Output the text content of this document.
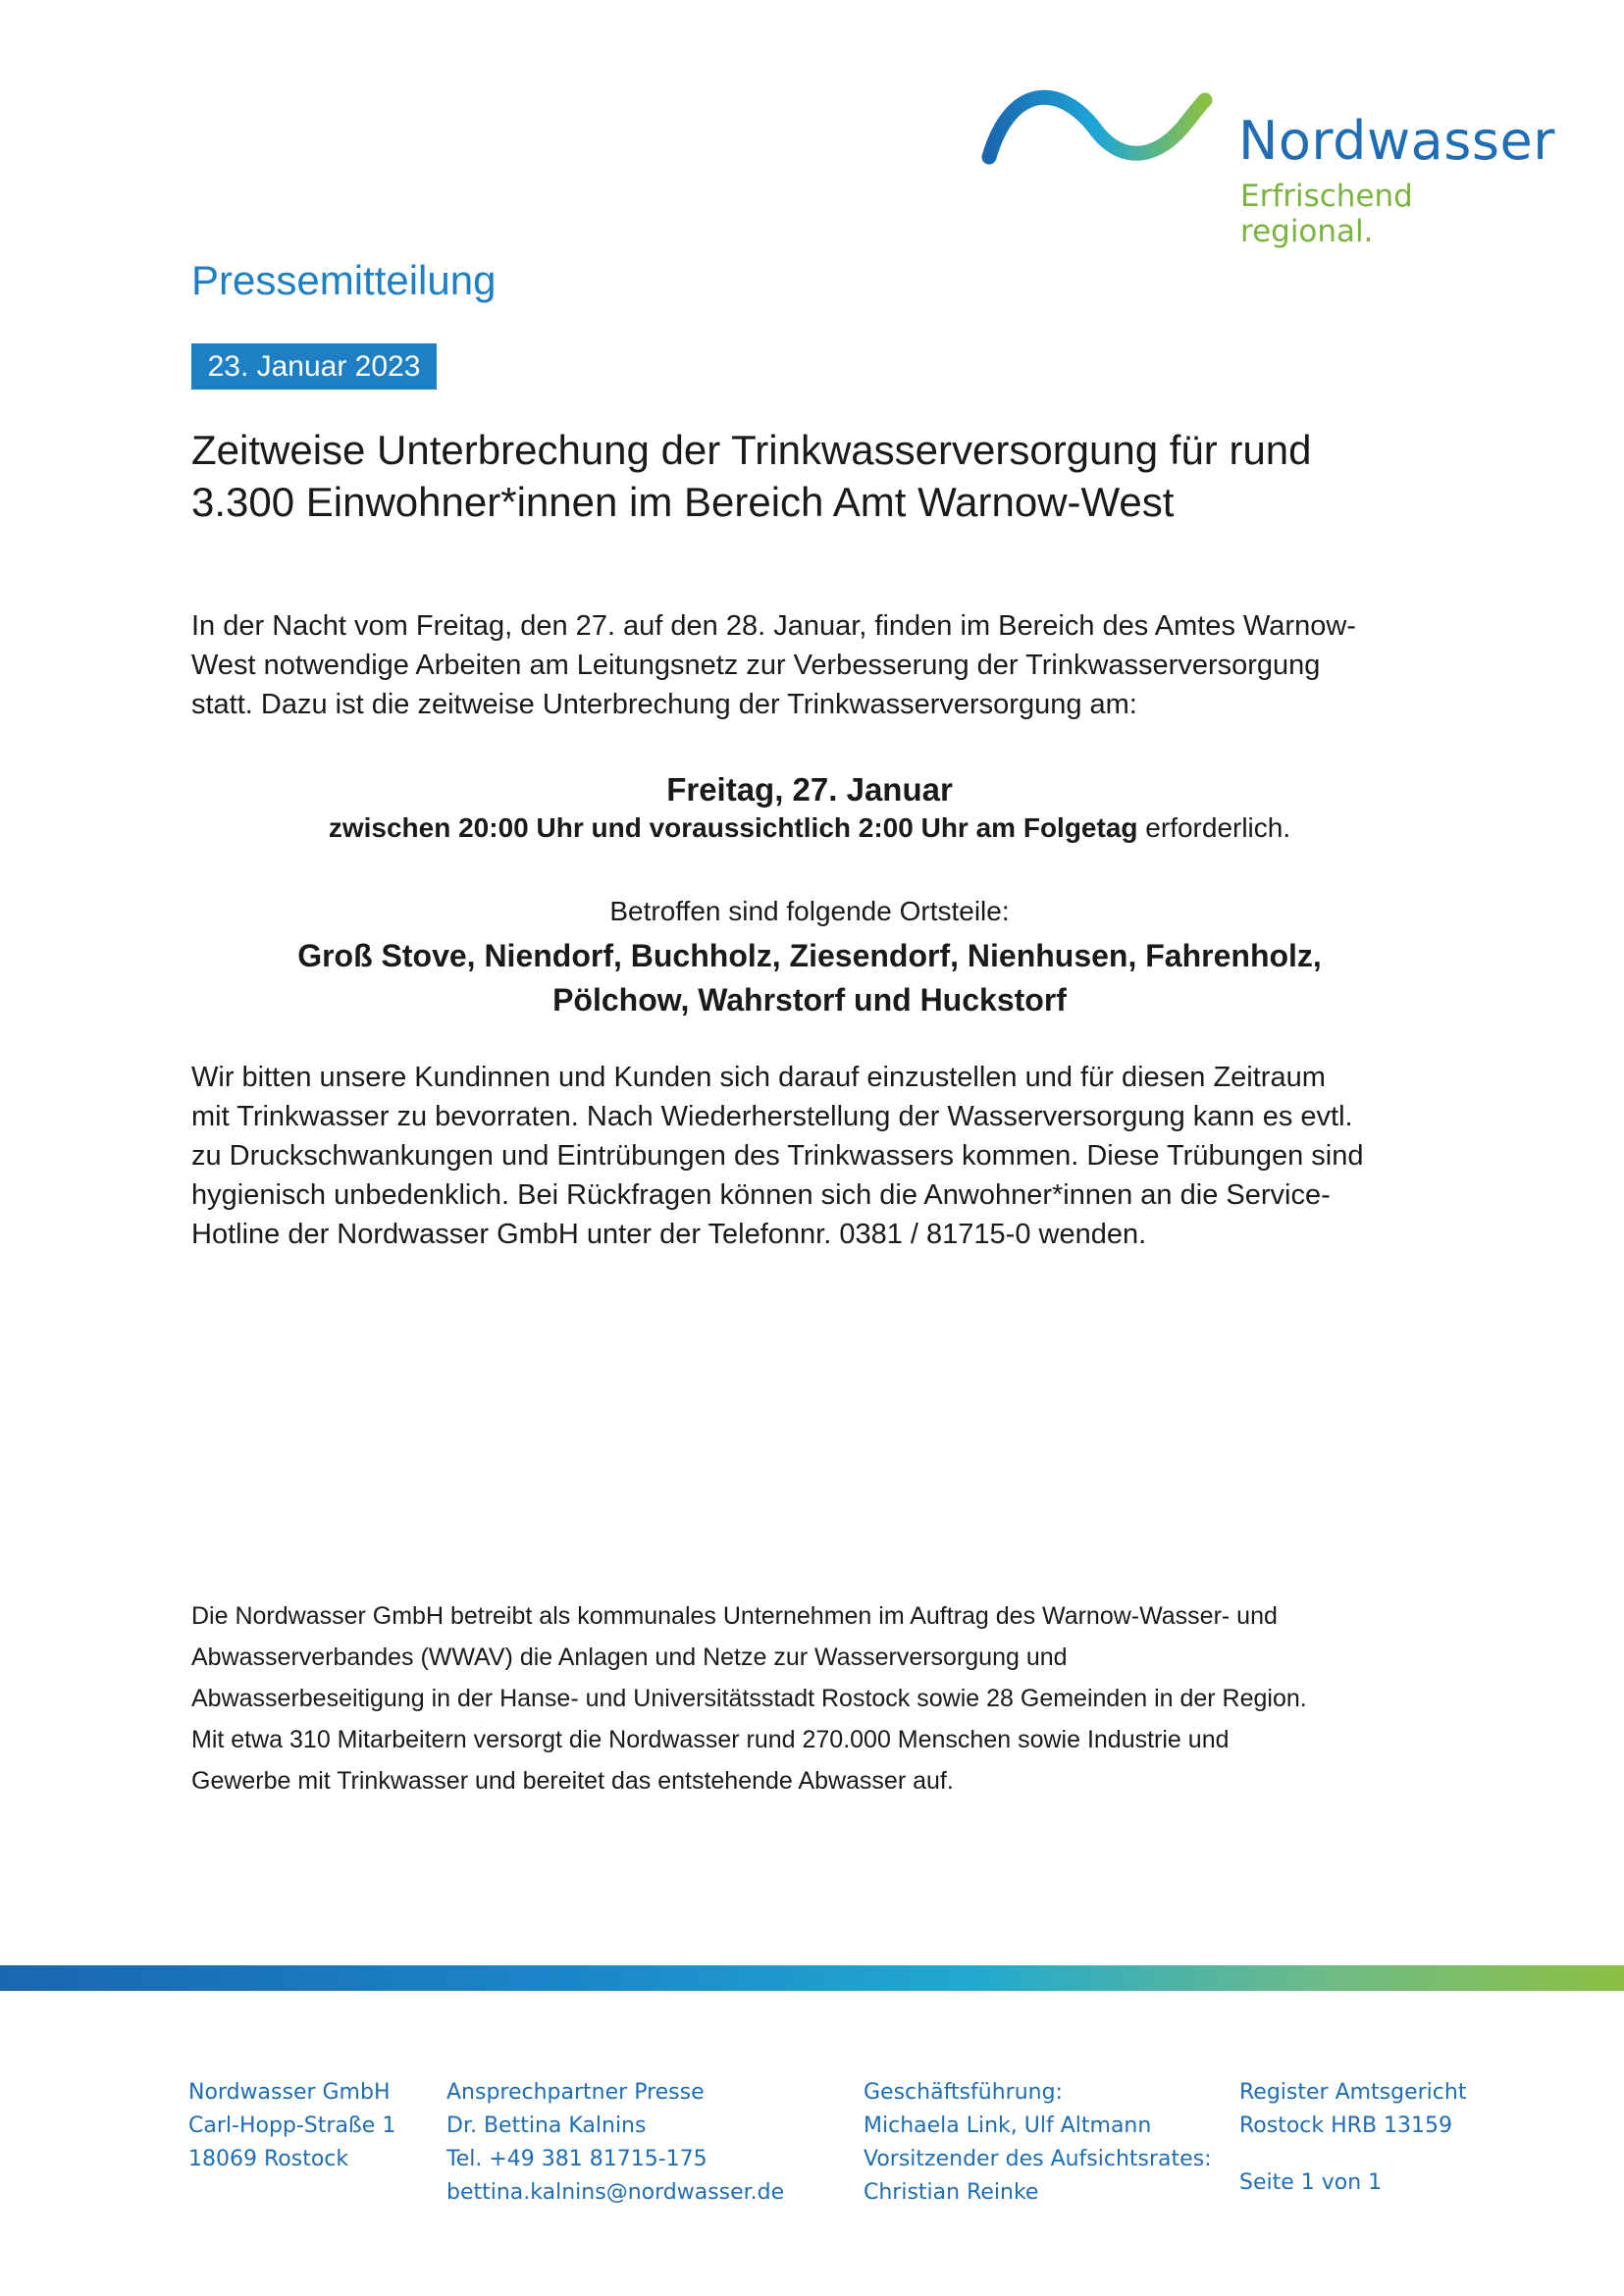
Nordwasser
Erfrischend regional.
Pressemitteilung
23. Januar 2023
Zeitweise Unterbrechung der Trinkwasserversorgung für rund
3.300 Einwohner*innen im Bereich Amt Warnow-West
In der Nacht vom Freitag, den 27. auf den 28. Januar, finden im Bereich des Amtes Warnow-
West notwendige Arbeiten am Leitungsnetz zur Verbesserung der Trinkwasserversorgung
statt. Dazu ist die zeitweise Unterbrechung der Trinkwasserversorgung am:
Freitag, 27. Januar
zwischen 20:00 Uhr und voraussichtlich 2:00 Uhr am Folgetag erforderlich.
Betroffen sind folgende Ortsteile:
Groß Stove, Niendorf, Buchholz, Ziesendorf, Nienhusen, Fahrenholz,
Pölchow, Wahrstorf und Huckstorf
Wir bitten unsere Kundinnen und Kunden sich darauf einzustellen und für diesen Zeitraum
mit Trinkwasser zu bevorraten. Nach Wiederherstellung der Wasserversorgung kann es evtl.
zu Druckschwankungen und Eintrübungen des Trinkwassers kommen. Diese Trübungen sind
hygienisch unbedenklich. Bei Rückfragen können sich die Anwohner*innen an die Service-
Hotline der Nordwasser GmbH unter der Telefonnr. 0381 / 81715-0 wenden.
Die Nordwasser GmbH betreibt als kommunales Unternehmen im Auftrag des Warnow-Wasser- und
Abwasserverbandes (WWAV) die Anlagen und Netze zur Wasserversorgung und
Abwasserbeseitigung in der Hanse- und Universitätsstadt Rostock sowie 28 Gemeinden in der Region.
Mit etwa 310 Mitarbeitern versorgt die Nordwasser rund 270.000 Menschen sowie Industrie und
Gewerbe mit Trinkwasser und bereitet das entstehende Abwasser auf.
Nordwasser GmbH
Carl-Hopp-Straße 1
18069 Rostock
Ansprechpartner Presse
Dr. Bettina Kalnins
Tel. +49 381 81715-175
bettina.kalnins@nordwasser.de
Geschäftsführung:
Michaela Link, Ulf Altmann
Vorsitzender des Aufsichtsrates:
Christian Reinke
Register Amtsgericht
Rostock HRB 13159
Seite 1 von 1
